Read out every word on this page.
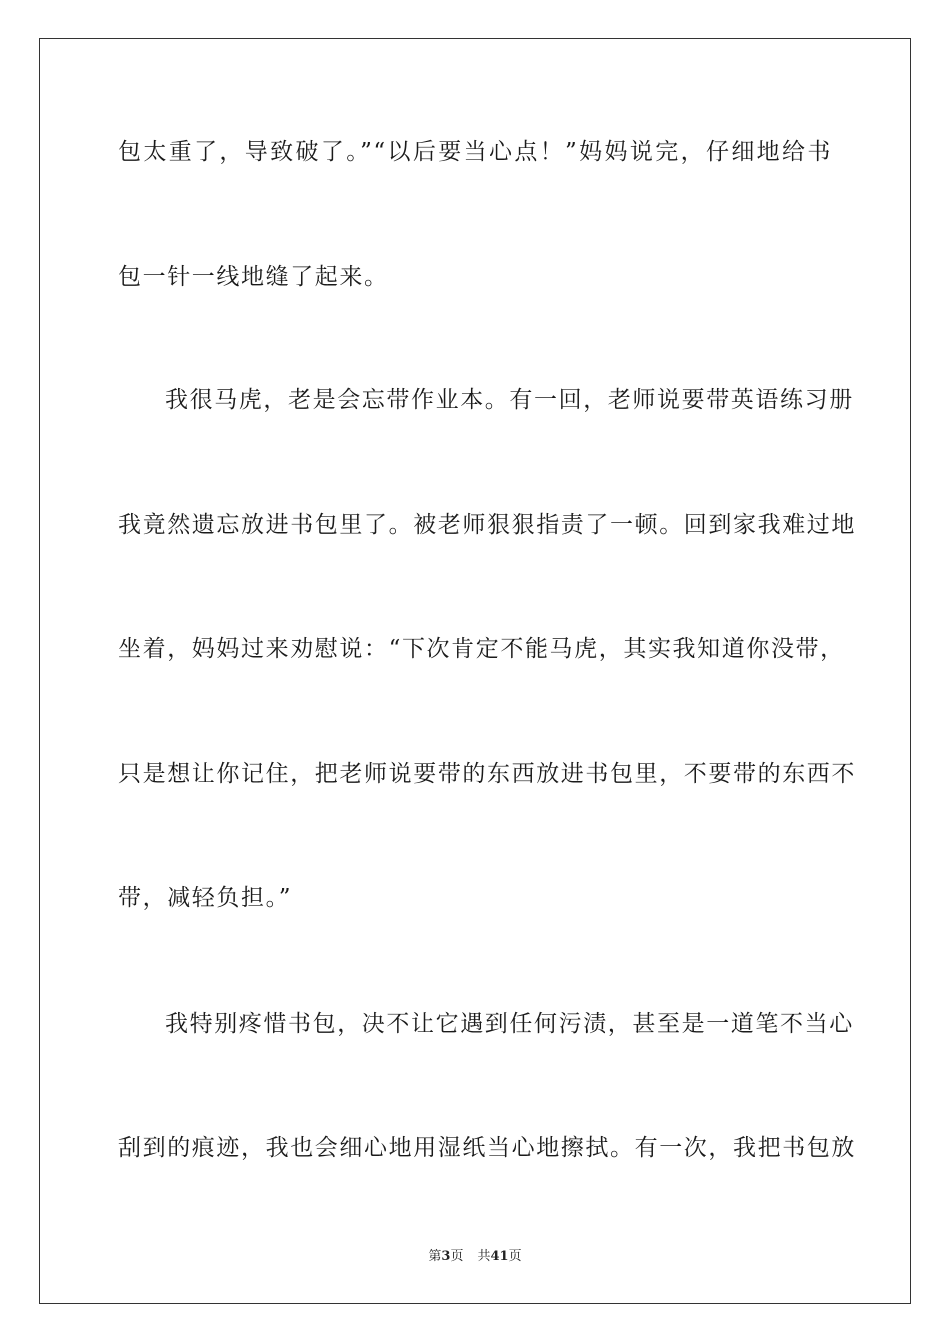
包太重了，导致破了。”“以后要当心点！”妈妈说完，仔细地给书
包一针一线地缝了起来。
我很马虎，老是会忘带作业本。有一回，老师说要带英语练习册
我竟然遗忘放进书包里了。被老师狠狠指责了一顿。回到家我难过地
坐着，妈妈过来劝慰说：“下次肯定不能马虎，其实我知道你没带，
只是想让你记住，把老师说要带的东西放进书包里，不要带的东西不
带，减轻负担。”
我特别疼惜书包，决不让它遇到任何污渍，甚至是一道笔不当心
刮到的痕迹，我也会细心地用湿纸当心地擦拭。有一次，我把书包放
第3页 共41页
